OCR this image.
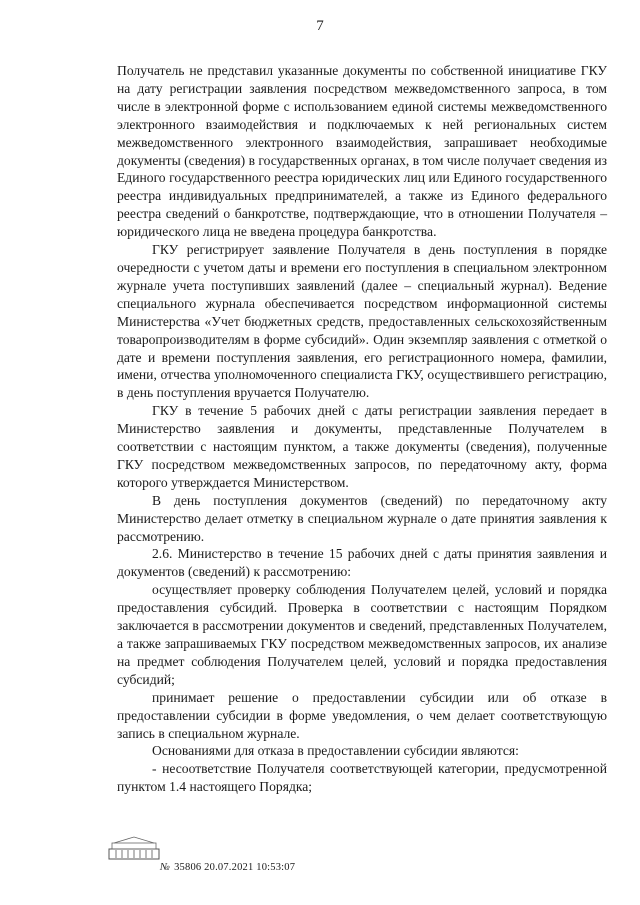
7

Получатель не представил указанные документы по собственной инициативе ГКУ на дату регистрации заявления посредством межведомственного запроса, в том числе в электронной форме с использованием единой системы межведомственного электронного взаимодействия и подключаемых к ней региональных систем межведомственного электронного взаимодействия, запрашивает необходимые документы (сведения) в государственных органах, в том числе получает сведения из Единого государственного реестра юридических лиц или Единого государственного реестра индивидуальных предпринимателей, а также из Единого федерального реестра сведений о банкротстве, подтверждающие, что в отношении Получателя – юридического лица не введена процедура банкротства.

ГКУ регистрирует заявление Получателя в день поступления в порядке очередности с учетом даты и времени его поступления в специальном электронном журнале учета поступивших заявлений (далее – специальный журнал). Ведение специального журнала обеспечивается посредством информационной системы Министерства «Учет бюджетных средств, предоставленных сельскохозяйственным товаропроизводителям в форме субсидий». Один экземпляр заявления с отметкой о дате и времени поступления заявления, его регистрационного номера, фамилии, имени, отчества уполномоченного специалиста ГКУ, осуществившего регистрацию, в день поступления вручается Получателю.

ГКУ в течение 5 рабочих дней с даты регистрации заявления передает в Министерство заявления и документы, представленные Получателем в соответствии с настоящим пунктом, а также документы (сведения), полученные ГКУ посредством межведомственных запросов, по передаточному акту, форма которого утверждается Министерством.

В день поступления документов (сведений) по передаточному акту Министерство делает отметку в специальном журнале о дате принятия заявления к рассмотрению.

2.6. Министерство в течение 15 рабочих дней с даты принятия заявления и документов (сведений) к рассмотрению:

осуществляет проверку соблюдения Получателем целей, условий и порядка предоставления субсидий. Проверка в соответствии с настоящим Порядком заключается в рассмотрении документов и сведений, представленных Получателем, а также запрашиваемых ГКУ посредством межведомственных запросов, их анализе на предмет соблюдения Получателем целей, условий и порядка предоставления субсидий;

принимает решение о предоставлении субсидии или об отказе в предоставлении субсидии в форме уведомления, о чем делает соответствующую запись в специальном журнале.

Основаниями для отказа в предоставлении субсидии являются:

- несоответствие Получателя соответствующей категории, предусмотренной пунктом 1.4 настоящего Порядка;

№ 35806 20.07.2021 10:53:07
